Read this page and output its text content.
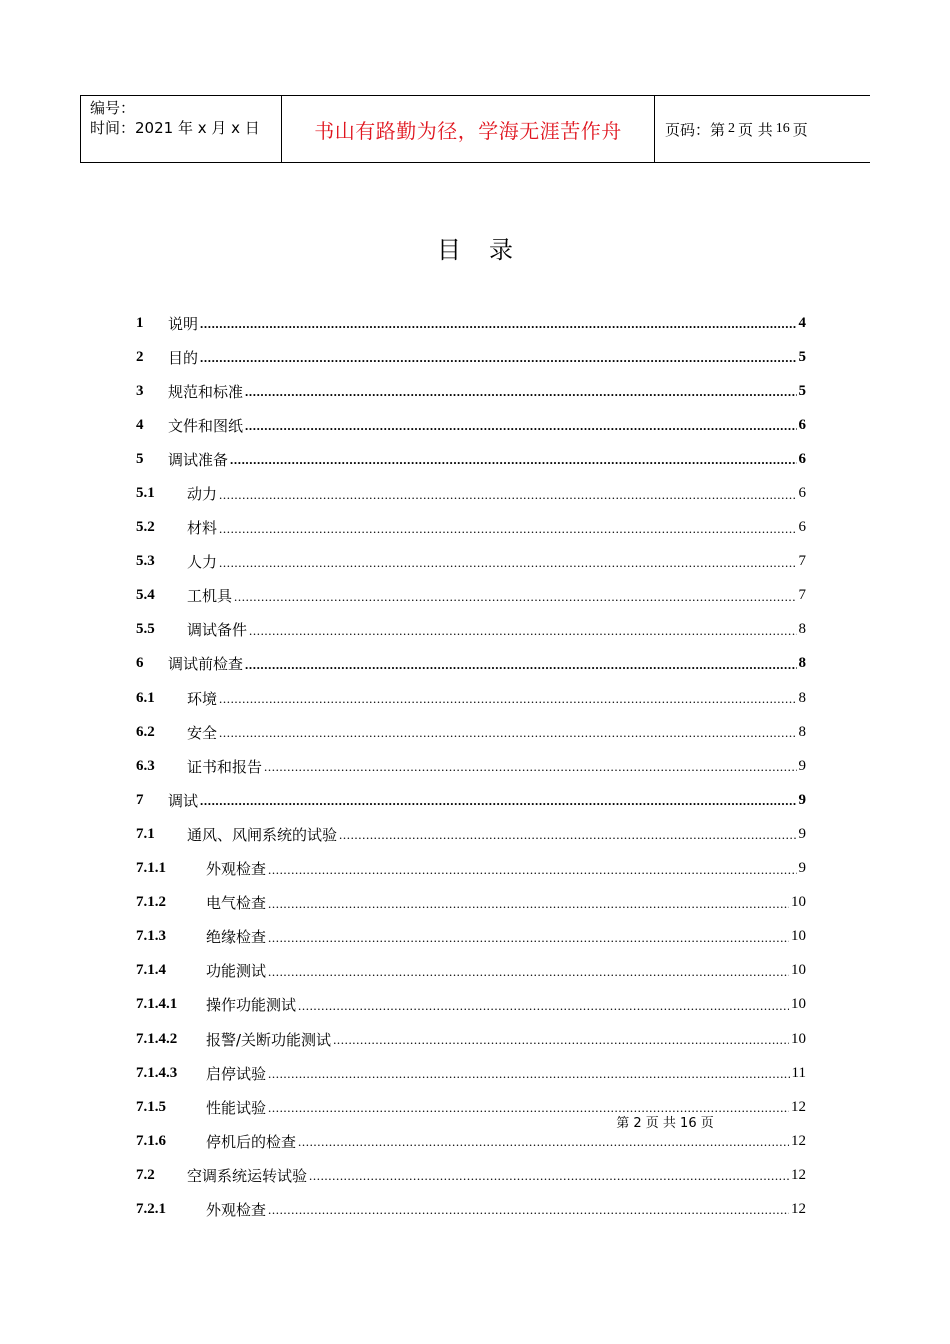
编号：
时间：2021 年 x 月 x 日	书山有路勤为径，学海无涯苦作舟	页码：第 2 页 共 16 页
目录
1	说明 .....	4
2	目的 .....	5
3	规范和标准 .....	5
4	文件和图纸 .....	6
5	调试准备 .....	6
5.1	动力 .....	6
5.2	材料 .....	6
5.3	人力 .....	7
5.4	工机具 .....	7
5.5	调试备件 .....	8
6	调试前检查 .....	8
6.1	环境 .....	8
6.2	安全 .....	8
6.3	证书和报告 .....	9
7	调试 .....	9
7.1	通风、风闸系统的试验 .....	9
7.1.1	外观检查 .....	9
7.1.2	电气检查 .....	10
7.1.3	绝缘检查 .....	10
7.1.4	功能测试 .....	10
7.1.4.1	操作功能测试 .....	10
7.1.4.2	报警/关断功能测试 .....	10
7.1.4.3	启停试验 .....	11
7.1.5	性能试验 .....	12
7.1.6	停机后的检查 .....	12
7.2	空调系统运转试验 .....	12
7.2.1	外观检查 .....	12
第 2 页 共 16 页
